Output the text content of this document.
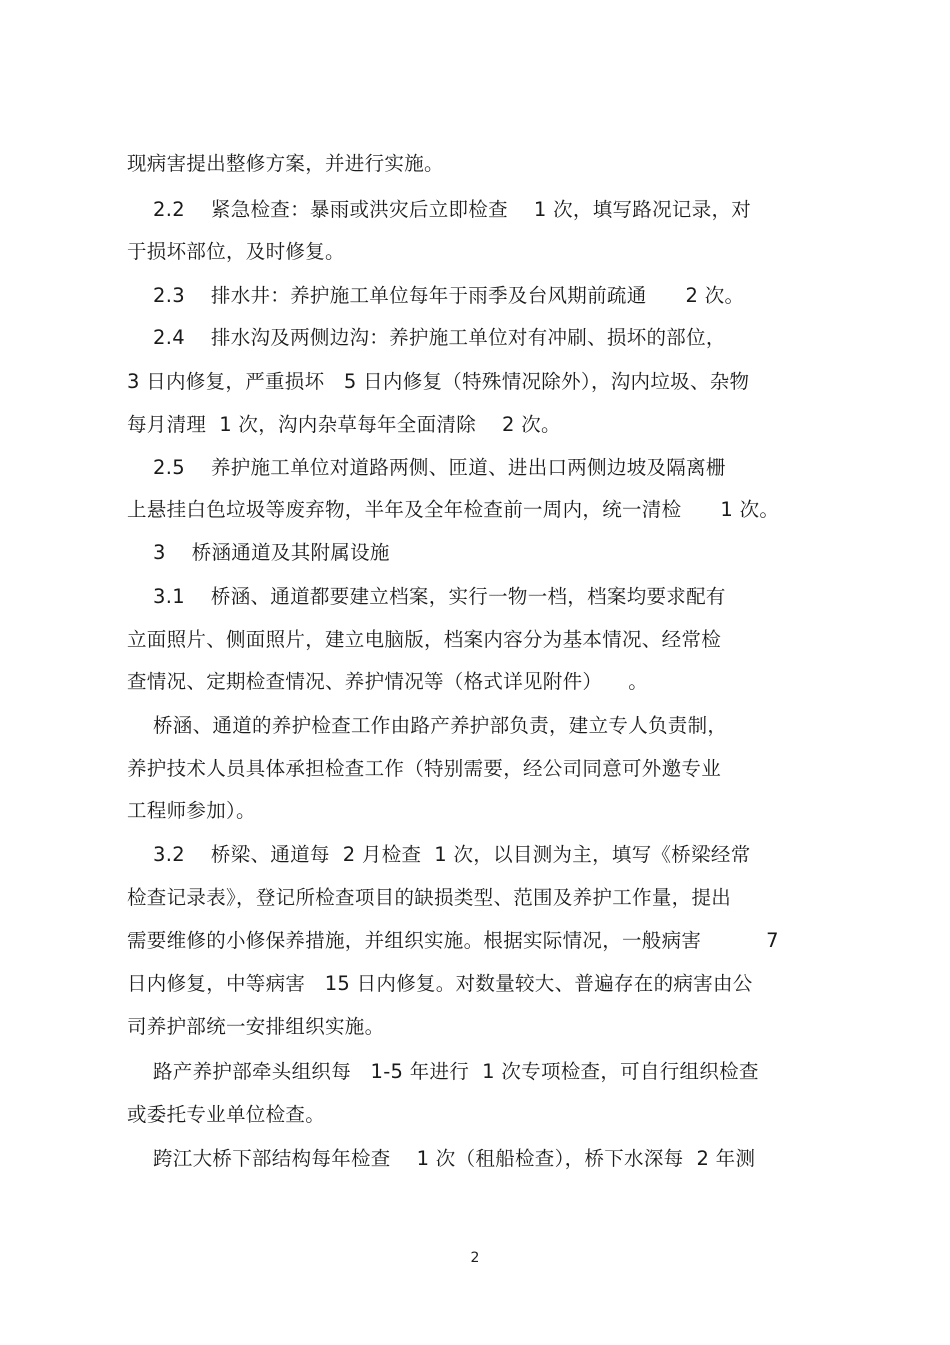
现病害提出整修方案，并进行实施。
2.2    紧急检查：暴雨或洪灾后立即检查    1 次，填写路况记录，对
于损坏部位，及时修复。
2.3    排水井：养护施工单位每年于雨季及台风期前疏通      2 次。
2.4    排水沟及两侧边沟：养护施工单位对有冲刷、损坏的部位，
3 日内修复，严重损坏   5 日内修复（特殊情况除外），沟内垃圾、杂物
每月清理  1 次，沟内杂草每年全面清除    2 次。
2.5    养护施工单位对道路两侧、匝道、进出口两侧边坡及隔离栅
上悬挂白色垃圾等废弃物，半年及全年检查前一周内，统一清检      1 次。
3    桥涵通道及其附属设施
3.1    桥涵、通道都要建立档案，实行一物一档，档案均要求配有
立面照片、侧面照片，建立电脑版，档案内容分为基本情况、经常检
查情况、定期检查情况、养护情况等（格式详见附件）    。
桥涵、通道的养护检查工作由路产养护部负责，建立专人负责制，
养护技术人员具体承担检查工作（特别需要，经公司同意可外邀专业
工程师参加）。
3.2    桥梁、通道每  2 月检查  1 次，以目测为主，填写《桥梁经常
检查记录表》，登记所检查项目的缺损类型、范围及养护工作量，提出
需要维修的小修保养措施，并组织实施。根据实际情况，一般病害          7
日内修复，中等病害   15 日内修复。对数量较大、普遍存在的病害由公
司养护部统一安排组织实施。
路产养护部牵头组织每   1-5 年进行  1 次专项检查，可自行组织检查
或委托专业单位检查。
跨江大桥下部结构每年检查    1 次（租船检查），桥下水深每  2 年测
2
